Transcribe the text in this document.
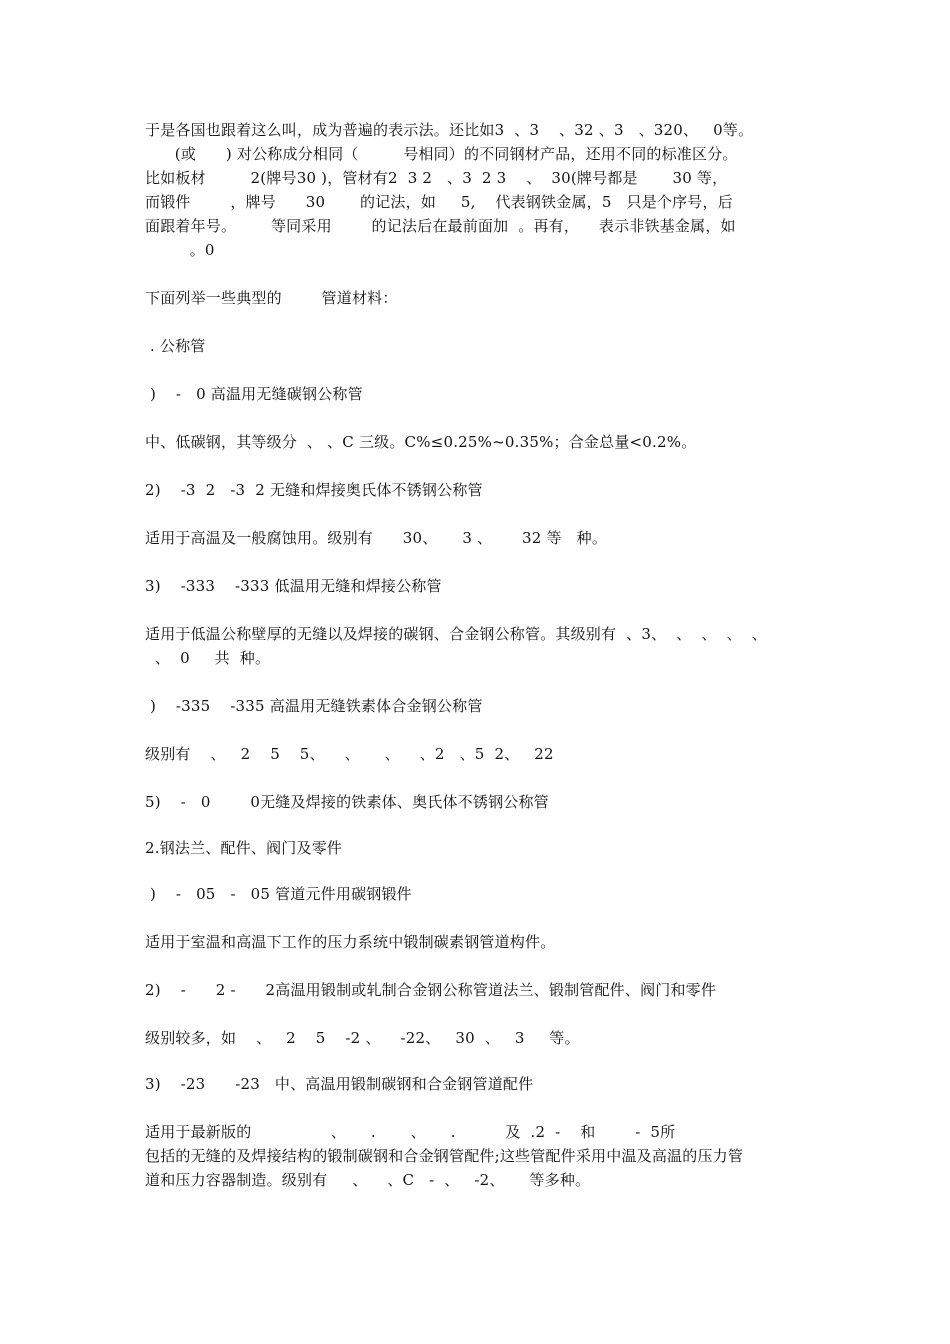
于是各国也跟着这么叫，成为普遍的表示法。还比如3  、3    、32 、3   、320、   0等。
(或      ) 对公称成分相同（         号相同）的不同钢材产品，还用不同的标准区分。
比如板材         2(牌号30 )，管材有2  3 2   、3  2 3    、  30(牌号都是       30 等，
而锻件        ，牌号      30       的记法，如     5,    代表钢铁金属，5   只是个序号，后
面跟着年号。       等同采用        的记法后在最前面加  。再有，    表示非铁基金属，如
。0
下面列举一些典型的        管道材料：
. 公称管
)    -   0 高温用无缝碳钢公称管
中、低碳钢，其等级分  、 、C 三级。C%≤0.25%~0.35%；合金总量<0.2%。
2)    -3  2   -3  2 无缝和焊接奥氏体不锈钢公称管
适用于高温及一般腐蚀用。级别有      30、     3 、      32 等   种。
3)    -333    -333 低温用无缝和焊接公称管
适用于低温公称壁厚的无缝以及焊接的碳钢、合金钢公称管。其级别有  、3、  、  、  、  、
、  0     共  种。
)    -335    -335 高温用无缝铁素体合金钢公称管
级别有    、   2    5    5、    、     、    、2   、5  2、   22
5)    -   0        0无缝及焊接的铁素体、奥氏体不锈钢公称管
2.钢法兰、配件、阀门及零件
)    -   05   -   05 管道元件用碳钢锻件
适用于室温和高温下工作的压力系统中锻制碳素钢管道构件。
2)    -      2 -      2高温用锻制或轧制合金钢公称管道法兰、锻制管配件、阀门和零件
级别较多，如    、   2    5    -2 、    -22、   30  、   3     等。
3)    -23      -23   中、高温用锻制碳钢和合金钢管道配件
适用于最新版的                、     .       、     .          及  .2  -    和        -  5所
包括的无缝的及焊接结构的锻制碳钢和合金钢管配件;这些管配件采用中温及高温的压力管
道和压力容器制造。级别有     、    、C   -  、   -2、     等多种。
